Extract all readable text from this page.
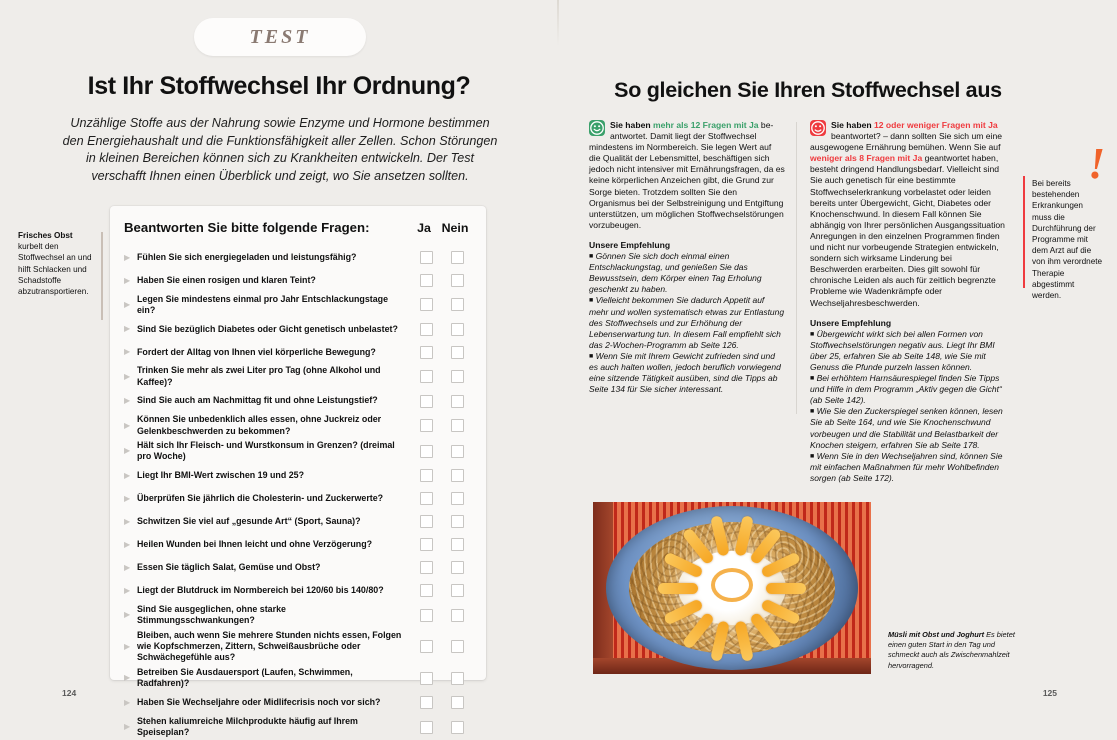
TEST
Ist Ihr Stoffwechsel Ihr Ordnung?
Unzählige Stoffe aus der Nahrung sowie Enzyme und Hormone bestimmen den Energiehaushalt und die Funktionsfähigkeit aller Zellen. Schon Störungen in kleinen Bereichen können sich zu Krankheiten entwickeln. Der Test verschafft Ihnen einen Überblick und zeigt, wo Sie ansetzen sollten.
Frisches Obst kurbelt den Stoffwechsel an und hilft Schlacken und Schadstoffe abzutransportieren.
Beantworten Sie bitte folgende Fragen:	Ja Nein
▶ Fühlen Sie sich energiegeladen und leistungsfähig?
▶ Haben Sie einen rosigen und klaren Teint?
▶
Legen Sie mindestens einmal pro Jahr Entschlackungstage ein?
▶ Sind Sie bezüglich Diabetes oder Gicht genetisch unbelastet?
▶ Fordert der Alltag von Ihnen viel körperliche Bewegung?
▶
Trinken Sie mehr als zwei Liter pro Tag (ohne Alkohol und Kaffee)?
▶ Sind Sie auch am Nachmittag fit und ohne Leistungstief?
▶
Können Sie unbedenklich alles essen, ohne Juckreiz oder Gelenkbeschwerden zu bekommen?
▶
Hält sich Ihr Fleisch- und Wurstkonsum in Grenzen? (dreimal pro Woche)
▶ Liegt Ihr BMI-Wert zwischen 19 und 25?
▶ Überprüfen Sie jährlich die Cholesterin- und Zuckerwerte?
▶ Schwitzen Sie viel auf „gesunde Art“ (Sport, Sauna)?
▶ Heilen Wunden bei Ihnen leicht und ohne Verzögerung?
▶ Essen Sie täglich Salat, Gemüse und Obst?
▶ Liegt der Blutdruck im Normbereich bei 120/60 bis 140/80?
▶
Sind Sie ausgeglichen, ohne starke Stimmungsschwankungen?
▶
Bleiben, auch wenn Sie mehrere Stunden nichts essen, Folgen wie Kopfschmerzen, Zittern, Schweißausbrüche oder Schwächegefühle aus?
▶
Betreiben Sie Ausdauersport (Laufen, Schwimmen, Radfahren)?
▶ Haben Sie Wechseljahre oder Midlifecrisis noch vor sich?
▶
Stehen kaliumreiche Milchprodukte häufig auf Ihrem Speiseplan?
124
So gleichen Sie Ihren Stoffwechsel aus
Sie haben mehr als 12 Fragen mit Ja beantwortet. Damit liegt der Stoffwechsel mindestens im Normbereich. Sie legen Wert auf die Qualität der Lebensmittel, beschäftigen sich jedoch nicht intensiver mit Ernährungsfragen, da es keine körperlichen Anzeichen gibt, die Grund zur Sorge bieten. Trotzdem sollten Sie den Organismus bei der Selbstreinigung und Entgiftung unterstützen, um möglichen Stoffwechselstörungen vorzubeugen.
Unsere Empfehlung
■ Gönnen Sie sich doch einmal einen Entschlackungstag, und genießen Sie das Bewusstsein, dem Körper einen Tag Erholung geschenkt zu haben.
■ Vielleicht bekommen Sie dadurch Appetit auf mehr und wollen systematisch etwas zur Entlastung des Stoffwechsels und zur Erhöhung der Lebenserwartung tun. In diesem Fall empfiehlt sich das 2-Wochen-Programm ab Seite 126.
■ Wenn Sie mit Ihrem Gewicht zufrieden sind und es auch halten wollen, jedoch beruflich vorwiegend eine sitzende Tätigkeit ausüben, sind die Tipps ab Seite 134 für Sie sicher interessant.
Sie haben 12 oder weniger Fragen mit Ja beantwortet? – dann sollten Sie sich um eine ausgewogene Ernährung bemühen. Wenn Sie auf weniger als 8 Fragen mit Ja geantwortet haben, besteht dringend Handlungsbedarf. Vielleicht sind Sie auch genetisch für eine bestimmte Stoffwechselerkrankung vorbelastet oder leiden bereits unter Übergewicht, Gicht, Diabetes oder Knochenschwund. In diesem Fall können Sie abhängig von Ihrer persönlichen Ausgangssituation Anregungen in den einzelnen Programmen finden und nicht nur vorbeugende Strategien entwickeln, sondern sich wirksame Linderung bei Beschwerden erarbeiten. Dies gilt sowohl für chronische Leiden als auch für zeitlich begrenzte Probleme wie Wadenkrämpfe oder Wechseljahresbeschwerden.
Unsere Empfehlung
■ Übergewicht wirkt sich bei allen Formen von Stoffwechselstörungen negativ aus. Liegt Ihr BMI über 25, erfahren Sie ab Seite 148, wie Sie mit Genuss die Pfunde purzeln lassen können.
■ Bei erhöhtem Harnsäurespiegel finden Sie Tipps und Hilfe in dem Programm „Aktiv gegen die Gicht“ (ab Seite 142).
■ Wie Sie den Zuckerspiegel senken können, lesen Sie ab Seite 164, und wie Sie Knochenschwund vorbeugen und die Stabilität und Belastbarkeit der Knochen steigern, erfahren Sie ab Seite 178.
■ Wenn Sie in den Wechseljahren sind, können Sie mit einfachen Maßnahmen für mehr Wohlbefinden sorgen (ab Seite 172).
!
Bei bereits bestehenden Erkrankungen muss die Durchführung der Programme mit dem Arzt auf die von ihm verordnete Therapie abgestimmt werden.
Müsli mit Obst und Joghurt Es bietet einen guten Start in den Tag und schmeckt auch als Zwischenmahlzeit hervorragend.
125
